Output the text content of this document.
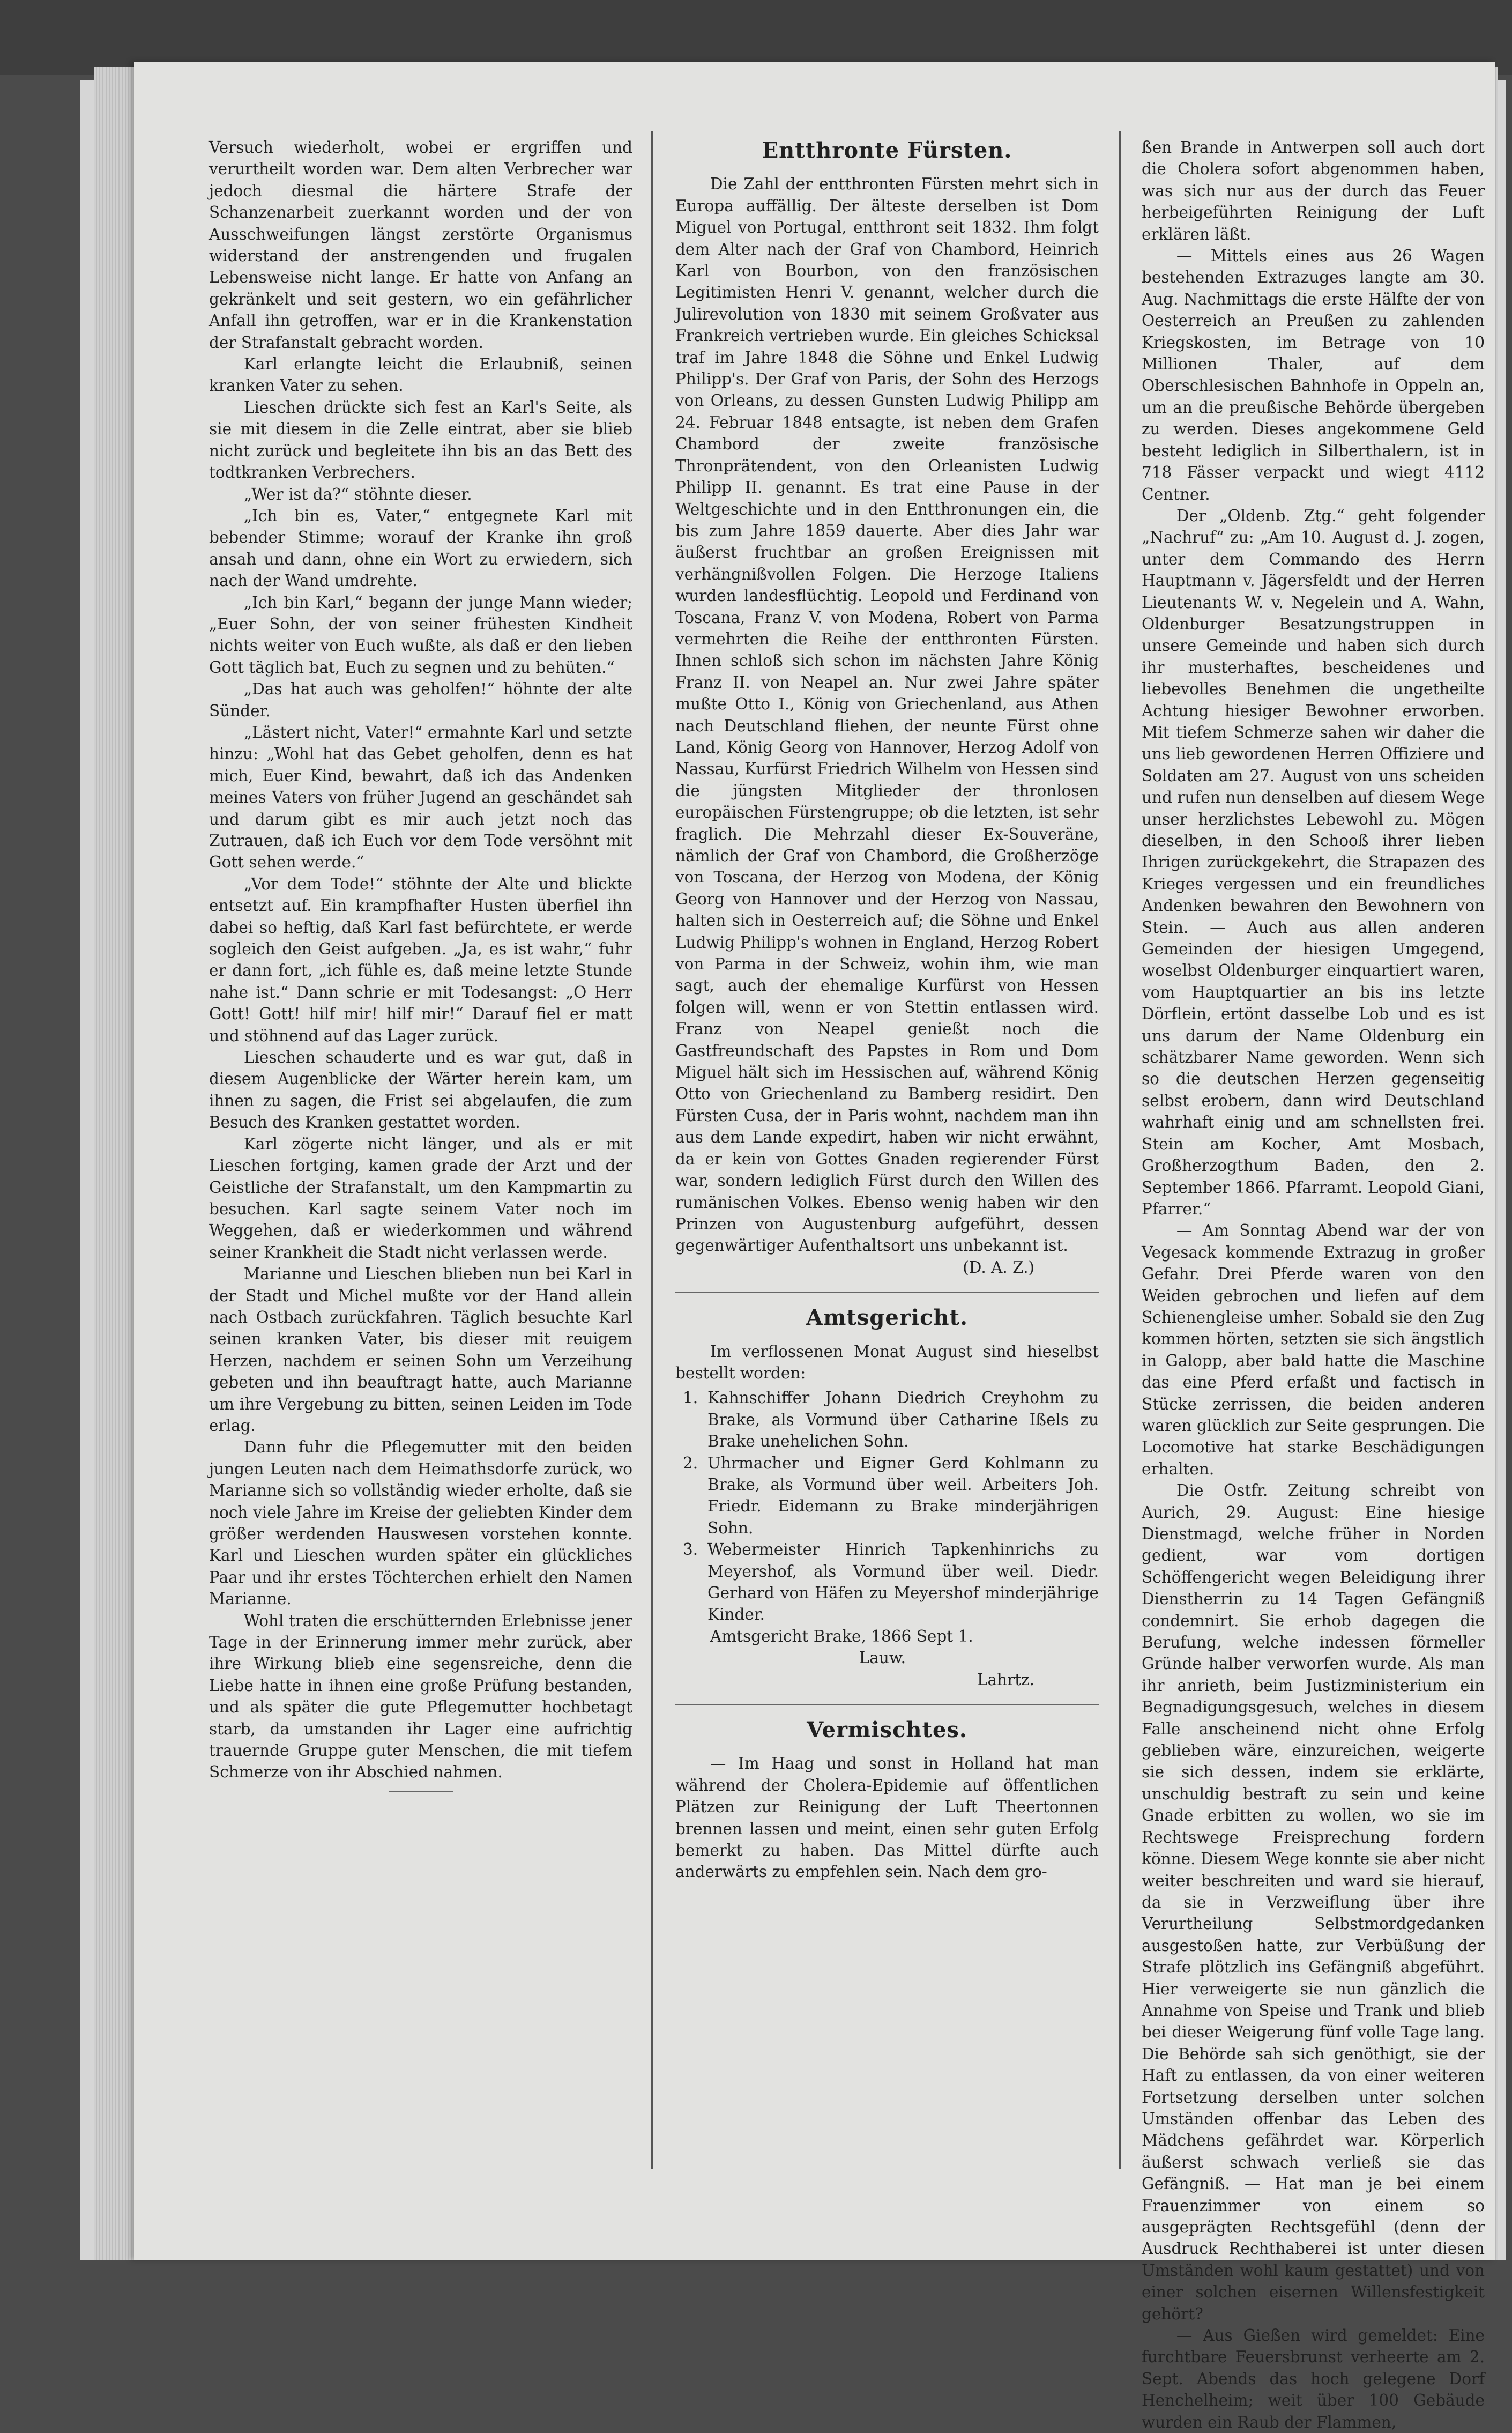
Versuch wiederholt, wobei er ergriffen und verurtheilt worden war. Dem alten Verbrecher war jedoch diesmal die härtere Strafe der Schanzenarbeit zuerkannt worden und der von Ausschweifungen längst zerstörte Organismus widerstand der anstrengenden und frugalen Lebensweise nicht lange. Er hatte von Anfang an gekränkelt und seit gestern, wo ein gefährlicher Anfall ihn getroffen, war er in die Krankenstation der Strafanstalt gebracht worden.

Karl erlangte leicht die Erlaubniß, seinen kranken Vater zu sehen.

Lieschen drückte sich fest an Karl's Seite, als sie mit diesem in die Zelle eintrat, aber sie blieb nicht zurück und begleitete ihn bis an das Bett des todtkranken Verbrechers.

„Wer ist da?“ stöhnte dieser.

„Ich bin es, Vater,“ entgegnete Karl mit bebender Stimme; worauf der Kranke ihn groß ansah und dann, ohne ein Wort zu erwiedern, sich nach der Wand umdrehte.

„Ich bin Karl,“ begann der junge Mann wieder; „Euer Sohn, der von seiner frühesten Kindheit nichts weiter von Euch wußte, als daß er den lieben Gott täglich bat, Euch zu segnen und zu behüten.“

„Das hat auch was geholfen!“ höhnte der alte Sünder.

„Lästert nicht, Vater!“ ermahnte Karl und setzte hinzu: „Wohl hat das Gebet geholfen, denn es hat mich, Euer Kind, bewahrt, daß ich das Andenken meines Vaters von früher Jugend an geschändet sah und darum gibt es mir auch jetzt noch das Zutrauen, daß ich Euch vor dem Tode versöhnt mit Gott sehen werde.“

„Vor dem Tode!“ stöhnte der Alte und blickte entsetzt auf. Ein krampfhafter Husten überfiel ihn dabei so heftig, daß Karl fast befürchtete, er werde sogleich den Geist aufgeben. „Ja, es ist wahr,“ fuhr er dann fort, „ich fühle es, daß meine letzte Stunde nahe ist.“ Dann schrie er mit Todesangst: „O Herr Gott! Gott! hilf mir! hilf mir!“ Darauf fiel er matt und stöhnend auf das Lager zurück.

Lieschen schauderte und es war gut, daß in diesem Augenblicke der Wärter herein kam, um ihnen zu sagen, die Frist sei abgelaufen, die zum Besuch des Kranken gestattet worden.

Karl zögerte nicht länger, und als er mit Lieschen fortging, kamen grade der Arzt und der Geistliche der Strafanstalt, um den Kampmartin zu besuchen. Karl sagte seinem Vater noch im Weggehen, daß er wiederkommen und während seiner Krankheit die Stadt nicht verlassen werde.

Marianne und Lieschen blieben nun bei Karl in der Stadt und Michel mußte vor der Hand allein nach Ostbach zurückfahren. Täglich besuchte Karl seinen kranken Vater, bis dieser mit reuigem Herzen, nachdem er seinen Sohn um Verzeihung gebeten und ihn beauftragt hatte, auch Marianne um ihre Vergebung zu bitten, seinen Leiden im Tode erlag.

Dann fuhr die Pflegemutter mit den beiden jungen Leuten nach dem Heimathsdorfe zurück, wo Marianne sich so vollständig wieder erholte, daß sie noch viele Jahre im Kreise der geliebten Kinder dem größer werdenden Hauswesen vorstehen konnte. Karl und Lieschen wurden später ein glückliches Paar und ihr erstes Töchterchen erhielt den Namen Marianne.

Wohl traten die erschütternden Erlebnisse jener Tage in der Erinnerung immer mehr zurück, aber ihre Wirkung blieb eine segensreiche, denn die Liebe hatte in ihnen eine große Prüfung bestanden, und als später die gute Pflegemutter hochbetagt starb, da umstanden ihr Lager eine aufrichtig trauernde Gruppe guter Menschen, die mit tiefem Schmerze von ihr Abschied nahmen.

Entthronte Fürsten.

Die Zahl der entthronten Fürsten mehrt sich in Europa auffällig. Der älteste derselben ist Dom Miguel von Portugal, entthront seit 1832. Ihm folgt dem Alter nach der Graf von Chambord, Heinrich Karl von Bourbon, von den französischen Legitimisten Henri V. genannt, welcher durch die Julirevolution von 1830 mit seinem Großvater aus Frankreich vertrieben wurde. Ein gleiches Schicksal traf im Jahre 1848 die Söhne und Enkel Ludwig Philipp's. Der Graf von Paris, der Sohn des Herzogs von Orleans, zu dessen Gunsten Ludwig Philipp am 24. Februar 1848 entsagte, ist neben dem Grafen Chambord der zweite französische Thronprätendent, von den Orleanisten Ludwig Philipp II. genannt. Es trat eine Pause in der Weltgeschichte und in den Entthronungen ein, die bis zum Jahre 1859 dauerte. Aber dies Jahr war äußerst fruchtbar an großen Ereignissen mit verhängnißvollen Folgen. Die Herzoge Italiens wurden landesflüchtig. Leopold und Ferdinand von Toscana, Franz V. von Modena, Robert von Parma vermehrten die Reihe der entthronten Fürsten. Ihnen schloß sich schon im nächsten Jahre König Franz II. von Neapel an. Nur zwei Jahre später mußte Otto I., König von Griechenland, aus Athen nach Deutschland fliehen, der neunte Fürst ohne Land, König Georg von Hannover, Herzog Adolf von Nassau, Kurfürst Friedrich Wilhelm von Hessen sind die jüngsten Mitglieder der thronlosen europäischen Fürstengruppe; ob die letzten, ist sehr fraglich. Die Mehrzahl dieser Ex-Souveräne, nämlich der Graf von Chambord, die Großherzöge von Toscana, der Herzog von Modena, der König Georg von Hannover und der Herzog von Nassau, halten sich in Oesterreich auf; die Söhne und Enkel Ludwig Philipp's wohnen in England, Herzog Robert von Parma in der Schweiz, wohin ihm, wie man sagt, auch der ehemalige Kurfürst von Hessen folgen will, wenn er von Stettin entlassen wird. Franz von Neapel genießt noch die Gastfreundschaft des Papstes in Rom und Dom Miguel hält sich im Hessischen auf, während König Otto von Griechenland zu Bamberg residirt. Den Fürsten Cusa, der in Paris wohnt, nachdem man ihn aus dem Lande expedirt, haben wir nicht erwähnt, da er kein von Gottes Gnaden regierender Fürst war, sondern lediglich Fürst durch den Willen des rumänischen Volkes. Ebenso wenig haben wir den Prinzen von Augustenburg aufgeführt, dessen gegenwärtiger Aufenthaltsort uns unbekannt ist.

(D. A. Z.)
Amtsgericht.

Im verflossenen Monat August sind hieselbst bestellt worden:

1. Kahnschiffer Johann Diedrich Creyhohm zu Brake, als Vormund über Catharine Ißels zu Brake unehelichen Sohn.
2. Uhrmacher und Eigner Gerd Kohlmann zu Brake, als Vormund über weil. Arbeiters Joh. Friedr. Eidemann zu Brake minderjährigen Sohn.
3. Webermeister Hinrich Tapkenhinrichs zu Meyershof, als Vormund über weil. Diedr. Gerhard von Häfen zu Meyershof minderjährige Kinder.

Amtsgericht Brake, 1866 Sept 1.

Lauw.
Lahrtz.
Vermischtes.

— Im Haag und sonst in Holland hat man während der Cholera-Epidemie auf öffentlichen Plätzen zur Reinigung der Luft Theertonnen brennen lassen und meint, einen sehr guten Erfolg bemerkt zu haben. Das Mittel dürfte auch anderwärts zu empfehlen sein. Nach dem gro-

ßen Brande in Antwerpen soll auch dort die Cholera sofort abgenommen haben, was sich nur aus der durch das Feuer herbeigeführten Reinigung der Luft erklären läßt.

— Mittels eines aus 26 Wagen bestehenden Extrazuges langte am 30. Aug. Nachmittags die erste Hälfte der von Oesterreich an Preußen zu zahlenden Kriegskosten, im Betrage von 10 Millionen Thaler, auf dem Oberschlesischen Bahnhofe in Oppeln an, um an die preußische Behörde übergeben zu werden. Dieses angekommene Geld besteht lediglich in Silberthalern, ist in 718 Fässer verpackt und wiegt 4112 Centner.

Der „Oldenb. Ztg.“ geht folgender „Nachruf“ zu: „Am 10. August d. J. zogen, unter dem Commando des Herrn Hauptmann v. Jägersfeldt und der Herren Lieutenants W. v. Negelein und A. Wahn, Oldenburger Besatzungstruppen in unsere Gemeinde und haben sich durch ihr musterhaftes, bescheidenes und liebevolles Benehmen die ungetheilte Achtung hiesiger Bewohner erworben. Mit tiefem Schmerze sahen wir daher die uns lieb gewordenen Herren Offiziere und Soldaten am 27. August von uns scheiden und rufen nun denselben auf diesem Wege unser herzlichstes Lebewohl zu. Mögen dieselben, in den Schooß ihrer lieben Ihrigen zurückgekehrt, die Strapazen des Krieges vergessen und ein freundliches Andenken bewahren den Bewohnern von Stein. — Auch aus allen anderen Gemeinden der hiesigen Umgegend, woselbst Oldenburger einquartiert waren, vom Hauptquartier an bis ins letzte Dörflein, ertönt dasselbe Lob und es ist uns darum der Name Oldenburg ein schätzbarer Name geworden. Wenn sich so die deutschen Herzen gegenseitig selbst erobern, dann wird Deutschland wahrhaft einig und am schnellsten frei. Stein am Kocher, Amt Mosbach, Großherzogthum Baden, den 2. September 1866. Pfarramt. Leopold Giani, Pfarrer.“

— Am Sonntag Abend war der von Vegesack kommende Extrazug in großer Gefahr. Drei Pferde waren von den Weiden gebrochen und liefen auf dem Schienengleise umher. Sobald sie den Zug kommen hörten, setzten sie sich ängstlich in Galopp, aber bald hatte die Maschine das eine Pferd erfaßt und factisch in Stücke zerrissen, die beiden anderen waren glücklich zur Seite gesprungen. Die Locomotive hat starke Beschädigungen erhalten.

Die Ostfr. Zeitung schreibt von Aurich, 29. August: Eine hiesige Dienstmagd, welche früher in Norden gedient, war vom dortigen Schöffengericht wegen Beleidigung ihrer Dienstherrin zu 14 Tagen Gefängniß condemnirt. Sie erhob dagegen die Berufung, welche indessen förmeller Gründe halber verworfen wurde. Als man ihr anrieth, beim Justizministerium ein Begnadigungsgesuch, welches in diesem Falle anscheinend nicht ohne Erfolg geblieben wäre, einzureichen, weigerte sie sich dessen, indem sie erklärte, unschuldig bestraft zu sein und keine Gnade erbitten zu wollen, wo sie im Rechtswege Freisprechung fordern könne. Diesem Wege konnte sie aber nicht weiter beschreiten und ward sie hierauf, da sie in Verzweiflung über ihre Verurtheilung Selbstmordgedanken ausgestoßen hatte, zur Verbüßung der Strafe plötzlich ins Gefängniß abgeführt. Hier verweigerte sie nun gänzlich die Annahme von Speise und Trank und blieb bei dieser Weigerung fünf volle Tage lang. Die Behörde sah sich genöthigt, sie der Haft zu entlassen, da von einer weiteren Fortsetzung derselben unter solchen Umständen offenbar das Leben des Mädchens gefährdet war. Körperlich äußerst schwach verließ sie das Gefängniß. — Hat man je bei einem Frauenzimmer von einem so ausgeprägten Rechtsgefühl (denn der Ausdruck Rechthaberei ist unter diesen Umständen wohl kaum gestattet) und von einer solchen eisernen Willensfestigkeit gehört?

— Aus Gießen wird gemeldet: Eine furchtbare Feuersbrunst verheerte am 2. Sept. Abends das hoch gelegene Dorf Henchelheim; weit über 100 Gebäude wurden ein Raub der Flammen,
